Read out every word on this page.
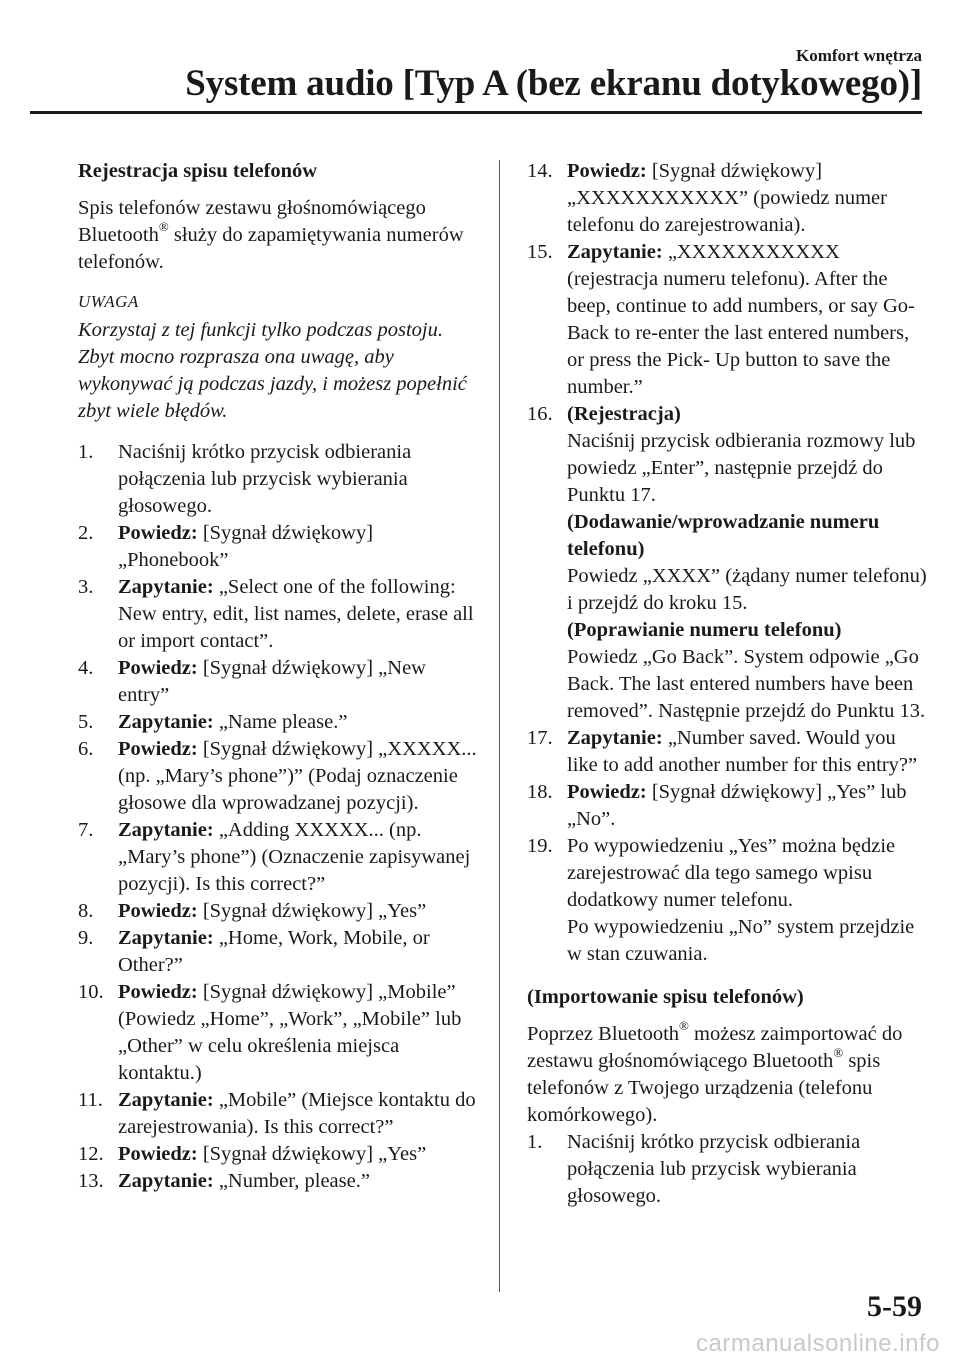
Komfort wnętrza
System audio [Typ A (bez ekranu dotykowego)]
Rejestracja spisu telefonów

Spis telefonów zestawu głośnomówiącego Bluetooth® służy do zapamiętywania numerów telefonów.

UWAGA
Korzystaj z tej funkcji tylko podczas postoju. Zbyt mocno rozprasza ona uwagę, aby wykonywać ją podczas jazdy, i możesz popełnić zbyt wiele błędów.
1.	Naciśnij krótko przycisk odbierania połączenia lub przycisk wybierania głosowego.
2.	Powiedz: [Sygnał dźwiękowy] „Phonebook”
3.	Zapytanie: „Select one of the following: New entry, edit, list names, delete, erase all or import contact”.
4.	Powiedz: [Sygnał dźwiękowy] „New entry”
5.	Zapytanie: „Name please.”
6.	Powiedz: [Sygnał dźwiękowy] „XXXXX... (np. „Mary’s phone”)” (Podaj oznaczenie głosowe dla wprowadzanej pozycji).
7.	Zapytanie: „Adding XXXXX... (np. „Mary’s phone”) (Oznaczenie zapisywanej pozycji). Is this correct?”
8.	Powiedz: [Sygnał dźwiękowy] „Yes”
9.	Zapytanie: „Home, Work, Mobile, or Other?”
10. Powiedz: [Sygnał dźwiękowy] „Mobile” (Powiedz „Home”, „Work”, „Mobile” lub „Other” w celu określenia miejsca kontaktu.)
11. Zapytanie: „Mobile” (Miejsce kontaktu do zarejestrowania). Is this correct?”
12. Powiedz: [Sygnał dźwiękowy] „Yes”
13. Zapytanie: „Number, please.”
14. Powiedz: [Sygnał dźwiękowy] „XXXXXXXXXXX” (powiedz numer telefonu do zarejestrowania).
15. Zapytanie: „XXXXXXXXXXX (rejestracja numeru telefonu). After the beep, continue to add numbers, or say Go-Back to re-enter the last entered numbers, or press the Pick- Up button to save the number.”
16. (Rejestracja)
Naciśnij przycisk odbierania rozmowy lub powiedz „Enter”, następnie przejdź do Punktu 17.
(Dodawanie/wprowadzanie numeru telefonu)
Powiedz „XXXX” (żądany numer telefonu) i przejdź do kroku 15.
(Poprawianie numeru telefonu)
Powiedz „Go Back”. System odpowie „Go Back. The last entered numbers have been removed”. Następnie przejdź do Punktu 13.
17. Zapytanie: „Number saved. Would you like to add another number for this entry?”
18. Powiedz: [Sygnał dźwiękowy] „Yes” lub „No”.
19. Po wypowiedzeniu „Yes” można będzie zarejestrować dla tego samego wpisu dodatkowy numer telefonu.
Po wypowiedzeniu „No” system przejdzie w stan czuwania.
(Importowanie spisu telefonów)

Poprzez Bluetooth® możesz zaimportować do zestawu głośnomówiącego Bluetooth® spis telefonów z Twojego urządzenia (telefonu komórkowego).

1.	Naciśnij krótko przycisk odbierania połączenia lub przycisk wybierania głosowego.
5-59
carmanualsonline.info
